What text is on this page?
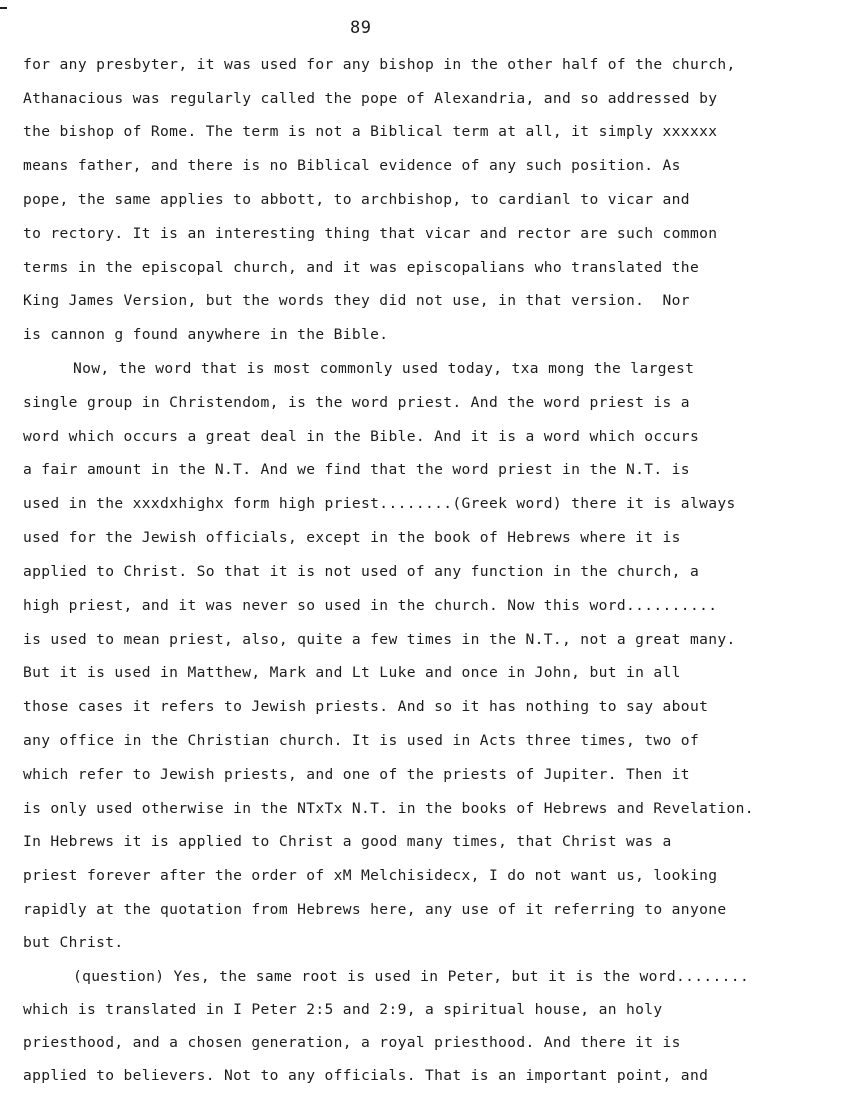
89
for any presbyter, it was used for any bishop in the other half of the church,
Athanacious was regularly called the pope of Alexandria, and so addressed by
the bishop of Rome. The term is not a Biblical term at all, it simply xxxxxx
means father, and there is no Biblical evidence of any such position. As
pope, the same applies to abbott, to archbishop, to cardianl to vicar and
to rectory. It is an interesting thing that vicar and rector are such common
terms in the episcopal church, and it was episcopalians who translated the
King James Version, but the words they did not use, in that version.  Nor
is cannon g found anywhere in the Bible.
Now, the word that is most commonly used today, txa mong the largest
single group in Christendom, is the word priest. And the word priest is a
word which occurs a great deal in the Bible. And it is a word which occurs
a fair amount in the N.T. And we find that the word priest in the N.T. is
used in the xxxdxhighx form high priest........(Greek word) there it is always
used for the Jewish officials, except in the book of Hebrews where it is
applied to Christ. So that it is not used of any function in the church, a
high priest, and it was never so used in the church. Now this word..........
is used to mean priest, also, quite a few times in the N.T., not a great many.
But it is used in Matthew, Mark and Lt Luke and once in John, but in all
those cases it refers to Jewish priests. And so it has nothing to say about
any office in the Christian church. It is used in Acts three times, two of
which refer to Jewish priests, and one of the priests of Jupiter. Then it
is only used otherwise in the NTxTx N.T. in the books of Hebrews and Revelation.
In Hebrews it is applied to Christ a good many times, that Christ was a
priest forever after the order of xM Melchisidecx, I do not want us, looking
rapidly at the quotation from Hebrews here, any use of it referring to anyone
but Christ.
(question) Yes, the same root is used in Peter, but it is the word........
which is translated in I Peter 2:5 and 2:9, a spiritual house, an holy
priesthood, and a chosen generation, a royal priesthood. And there it is
applied to believers. Not to any officials. That is an important point, and
